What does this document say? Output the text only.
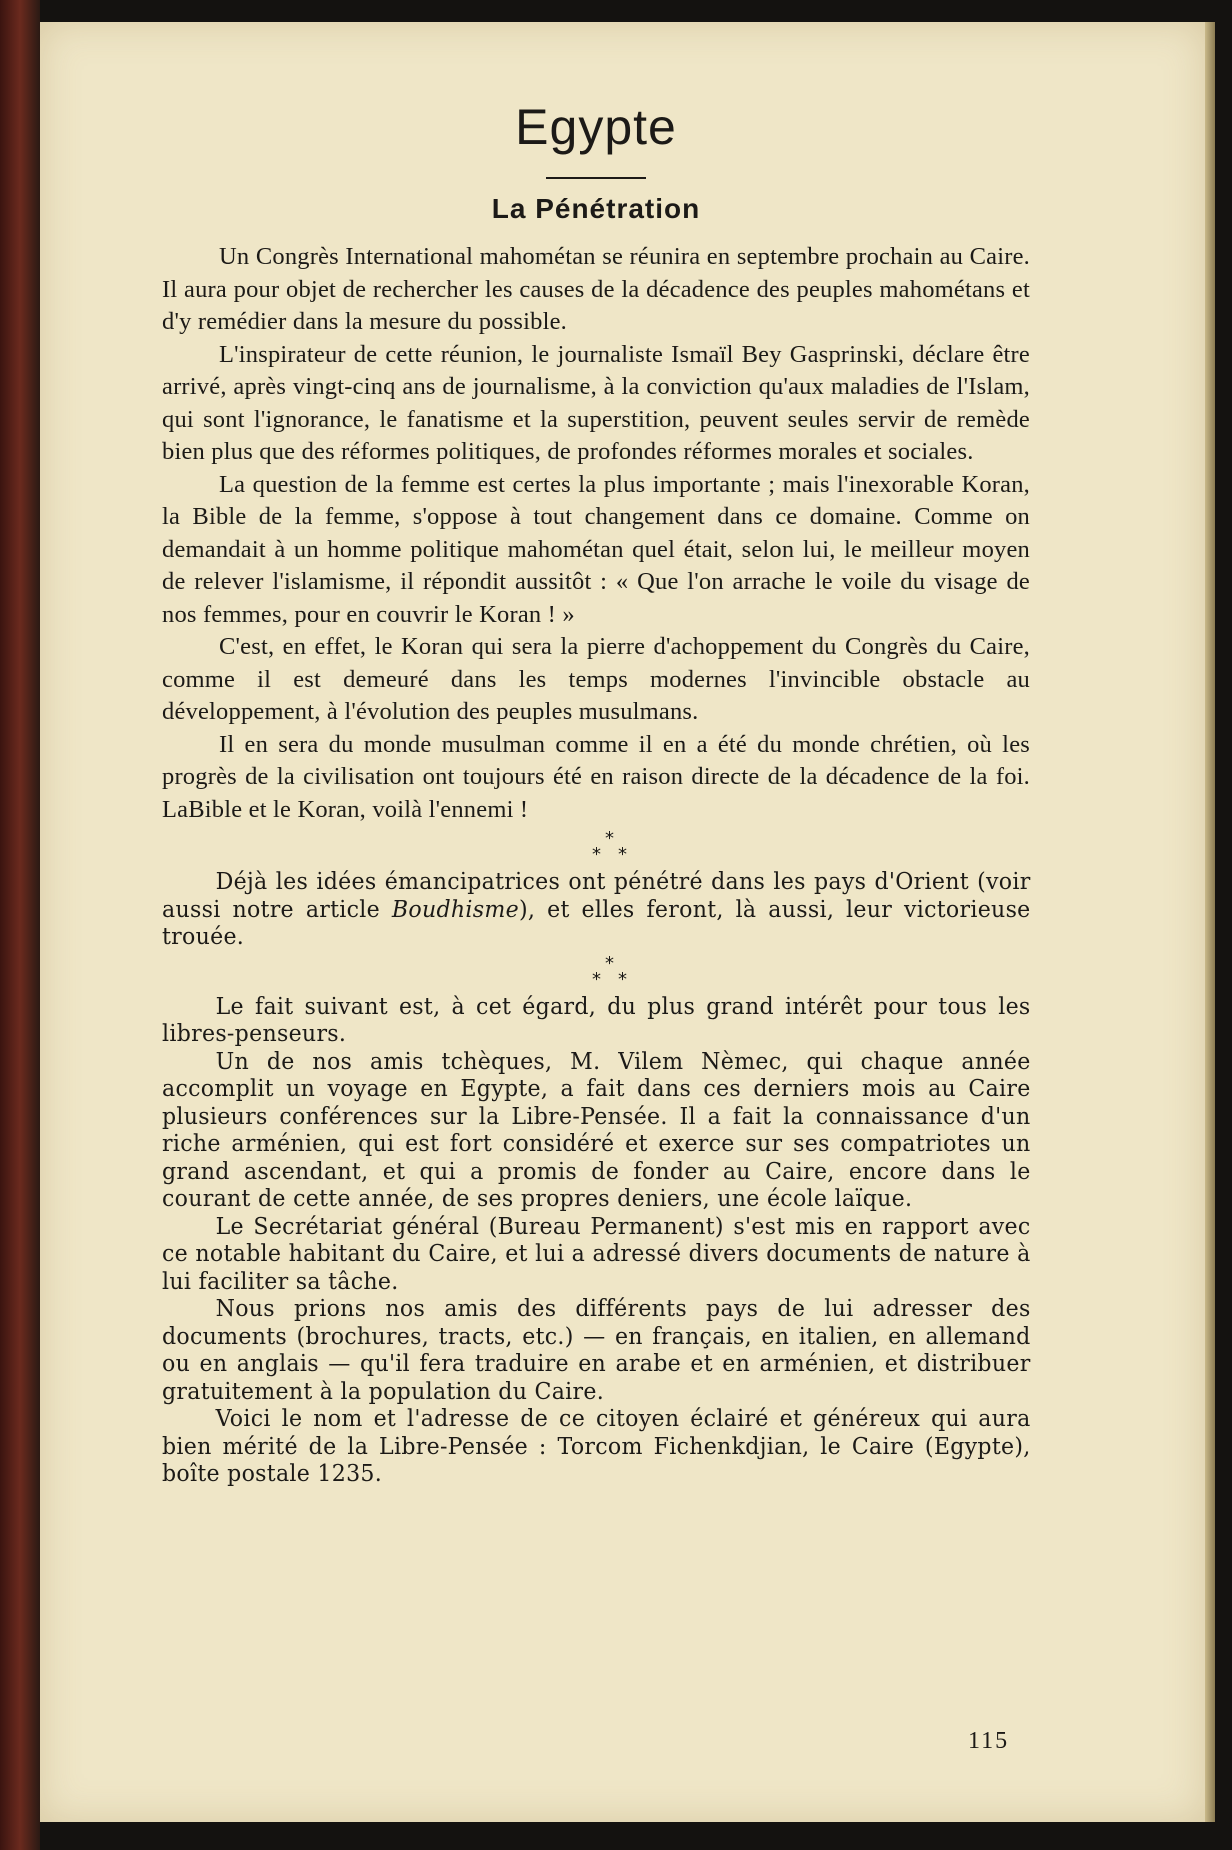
Egypte
La Pénétration

Un Congrès International mahométan se réunira en septembre prochain au Caire. Il aura pour objet de rechercher les causes de la décadence des peuples mahométans et d'y remédier dans la mesure du possible.

L'inspirateur de cette réunion, le journaliste Ismaïl Bey Gasprinski, déclare être arrivé, après vingt-cinq ans de journalisme, à la conviction qu'aux maladies de l'Islam, qui sont l'ignorance, le fanatisme et la superstition, peuvent seules servir de remède bien plus que des réformes politiques, de profondes réformes morales et sociales.

La question de la femme est certes la plus importante ; mais l'inexorable Koran, la Bible de la femme, s'oppose à tout changement dans ce domaine. Comme on demandait à un homme politique mahométan quel était, selon lui, le meilleur moyen de relever l'islamisme, il répondit aussitôt : « Que l'on arrache le voile du visage de nos femmes, pour en couvrir le Koran ! »

C'est, en effet, le Koran qui sera la pierre d'achoppement du Congrès du Caire, comme il est demeuré dans les temps modernes l'invincible obstacle au développement, à l'évolution des peuples musulmans.

Il en sera du monde musulman comme il en a été du monde chrétien, où les progrès de la civilisation ont toujours été en raison directe de la décadence de la foi. LaBible et le Koran, voilà l'ennemi !

*
* *

Déjà les idées émancipatrices ont pénétré dans les pays d'Orient (voir aussi notre article Boudhisme), et elles feront, là aussi, leur victorieuse trouée.

*
* *

Le fait suivant est, à cet égard, du plus grand intérêt pour tous les libres-penseurs.

Un de nos amis tchèques, M. Vilem Nèmec, qui chaque année accomplit un voyage en Egypte, a fait dans ces derniers mois au Caire plusieurs conférences sur la Libre-Pensée. Il a fait la connaissance d'un riche arménien, qui est fort considéré et exerce sur ses compatriotes un grand ascendant, et qui a promis de fonder au Caire, encore dans le courant de cette année, de ses propres deniers, une école laïque.

Le Secrétariat général (Bureau Permanent) s'est mis en rapport avec ce notable habitant du Caire, et lui a adressé divers documents de nature à lui faciliter sa tâche.

Nous prions nos amis des différents pays de lui adresser des documents (brochures, tracts, etc.) — en français, en italien, en allemand ou en anglais — qu'il fera traduire en arabe et en arménien, et distribuer gratuitement à la population du Caire.

Voici le nom et l'adresse de ce citoyen éclairé et généreux qui aura bien mérité de la Libre-Pensée : Torcom Fichenkdjian, le Caire (Egypte), boîte postale 1235.

115
